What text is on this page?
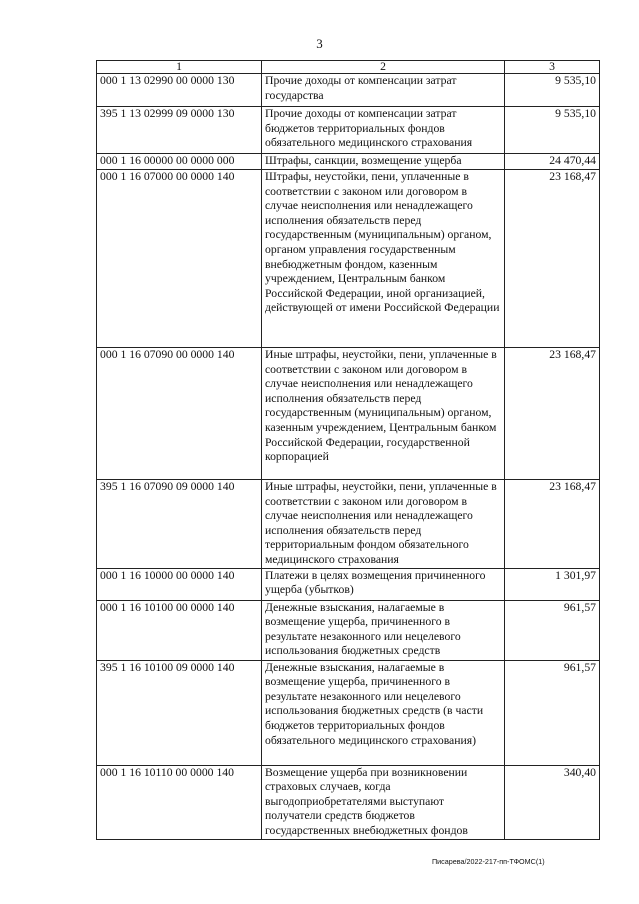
3
1	2	3
000 1 13 02990 00 0000 130	Прочие доходы от компенсации затрат государства	9 535,10
395 1 13 02999 09 0000 130	Прочие доходы от компенсации затрат бюджетов территориальных фондов обязательного медицинского страхования	9 535,10
000 1 16 00000 00 0000 000	Штрафы, санкции, возмещение ущерба	24 470,44
000 1 16 07000 00 0000 140	Штрафы, неустойки, пени, уплаченные в соответствии с законом или договором в случае неисполнения или ненадлежащего исполнения обязательств перед государственным (муниципальным) органом, органом управления государственным внебюджетным фондом, казенным учреждением, Центральным банком Российской Федерации, иной организацией, действующей от имени Российской Федерации	23 168,47
000 1 16 07090 00 0000 140	Иные штрафы, неустойки, пени, уплаченные в соответствии с законом или договором в случае неисполнения или ненадлежащего исполнения обязательств перед государственным (муниципальным) органом, казенным учреждением, Центральным банком Российской Федерации, государственной корпорацией	23 168,47
395 1 16 07090 09 0000 140	Иные штрафы, неустойки, пени, уплаченные в соответствии с законом или договором в случае неисполнения или ненадлежащего исполнения обязательств перед территориальным фондом обязательного медицинского страхования	23 168,47
000 1 16 10000 00 0000 140	Платежи в целях возмещения причиненного ущерба (убытков)	1 301,97
000 1 16 10100 00 0000 140	Денежные взыскания, налагаемые в возмещение ущерба, причиненного в результате незаконного или нецелевого использования бюджетных средств	961,57
395 1 16 10100 09 0000 140	Денежные взыскания, налагаемые в возмещение ущерба, причиненного в результате незаконного или нецелевого использования бюджетных средств (в части бюджетов территориальных фондов обязательного медицинского страхования)	961,57
000 1 16 10110 00 0000 140	Возмещение ущерба при возникновении страховых случаев, когда выгодоприобретателями выступают получатели средств бюджетов государственных внебюджетных фондов	340,40
Писарева/2022-217-пп-ТФОМС(1)
